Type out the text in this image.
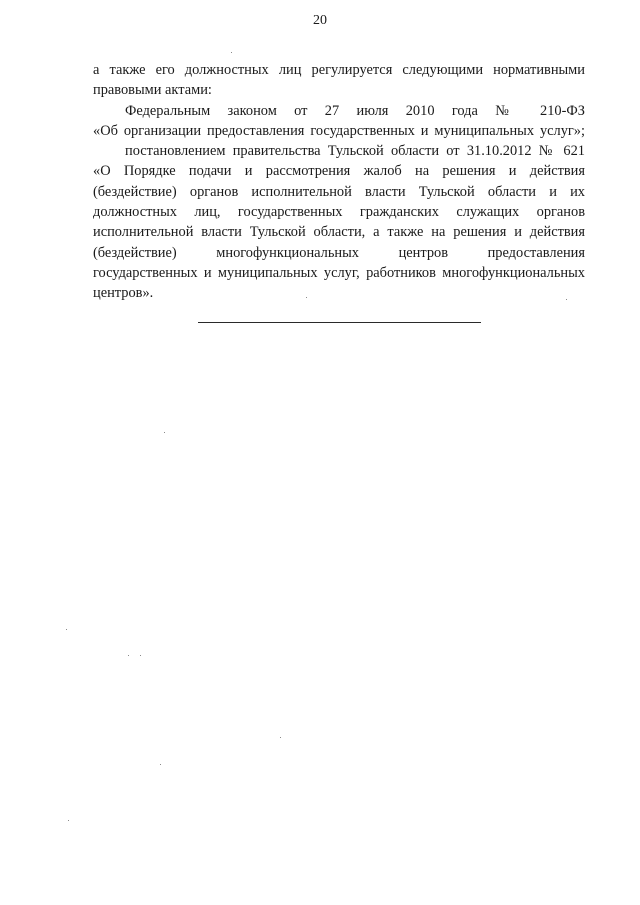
20
а также его должностных лиц регулируется следующими нормативными
правовыми актами:
Федеральным законом от 27 июля 2010 года № 210-ФЗ
«Об организации предоставления государственных и муниципальных услуг»;
постановлением правительства Тульской области от 31.10.2012 № 621
«О Порядке подачи и рассмотрения жалоб на решения и действия
(бездействие) органов исполнительной власти Тульской области и их
должностных лиц, государственных гражданских служащих органов
исполнительной власти Тульской области, а также на решения и действия
(бездействие) многофункциональных центров предоставления
государственных и муниципальных услуг, работников многофункциональных
центров».
